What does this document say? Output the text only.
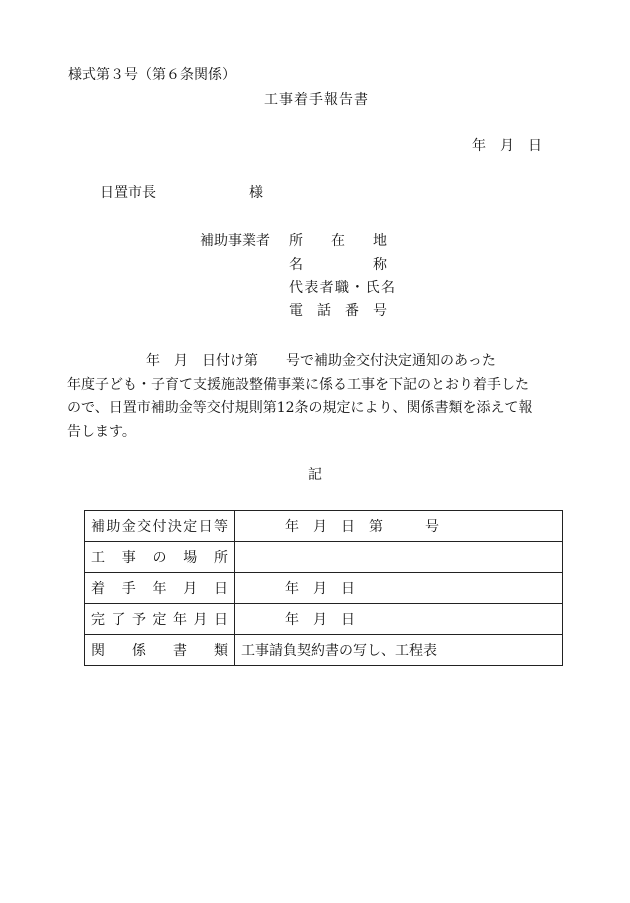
様式第３号（第６条関係）
工事着手報告書
年　月　日
日置市長	様
補助事業者 所　　在　　地
名　　　　　称
代表者職・氏名
電　話　番　号
年　月　日付け第　　号で補助金交付決定通知のあった
年度子ども・子育て支援施設整備事業に係る工事を下記のとおり着手した
ので、日置市補助金等交付規則第12条の規定により、関係書類を添えて報
告します。
記
補助金交付決定日等	年　月　日　第　　　号

工事の場所	

着手年月日	年　月　日

完了予定年月日	年　月　日

関係書類	工事請負契約書の写し、工程表
